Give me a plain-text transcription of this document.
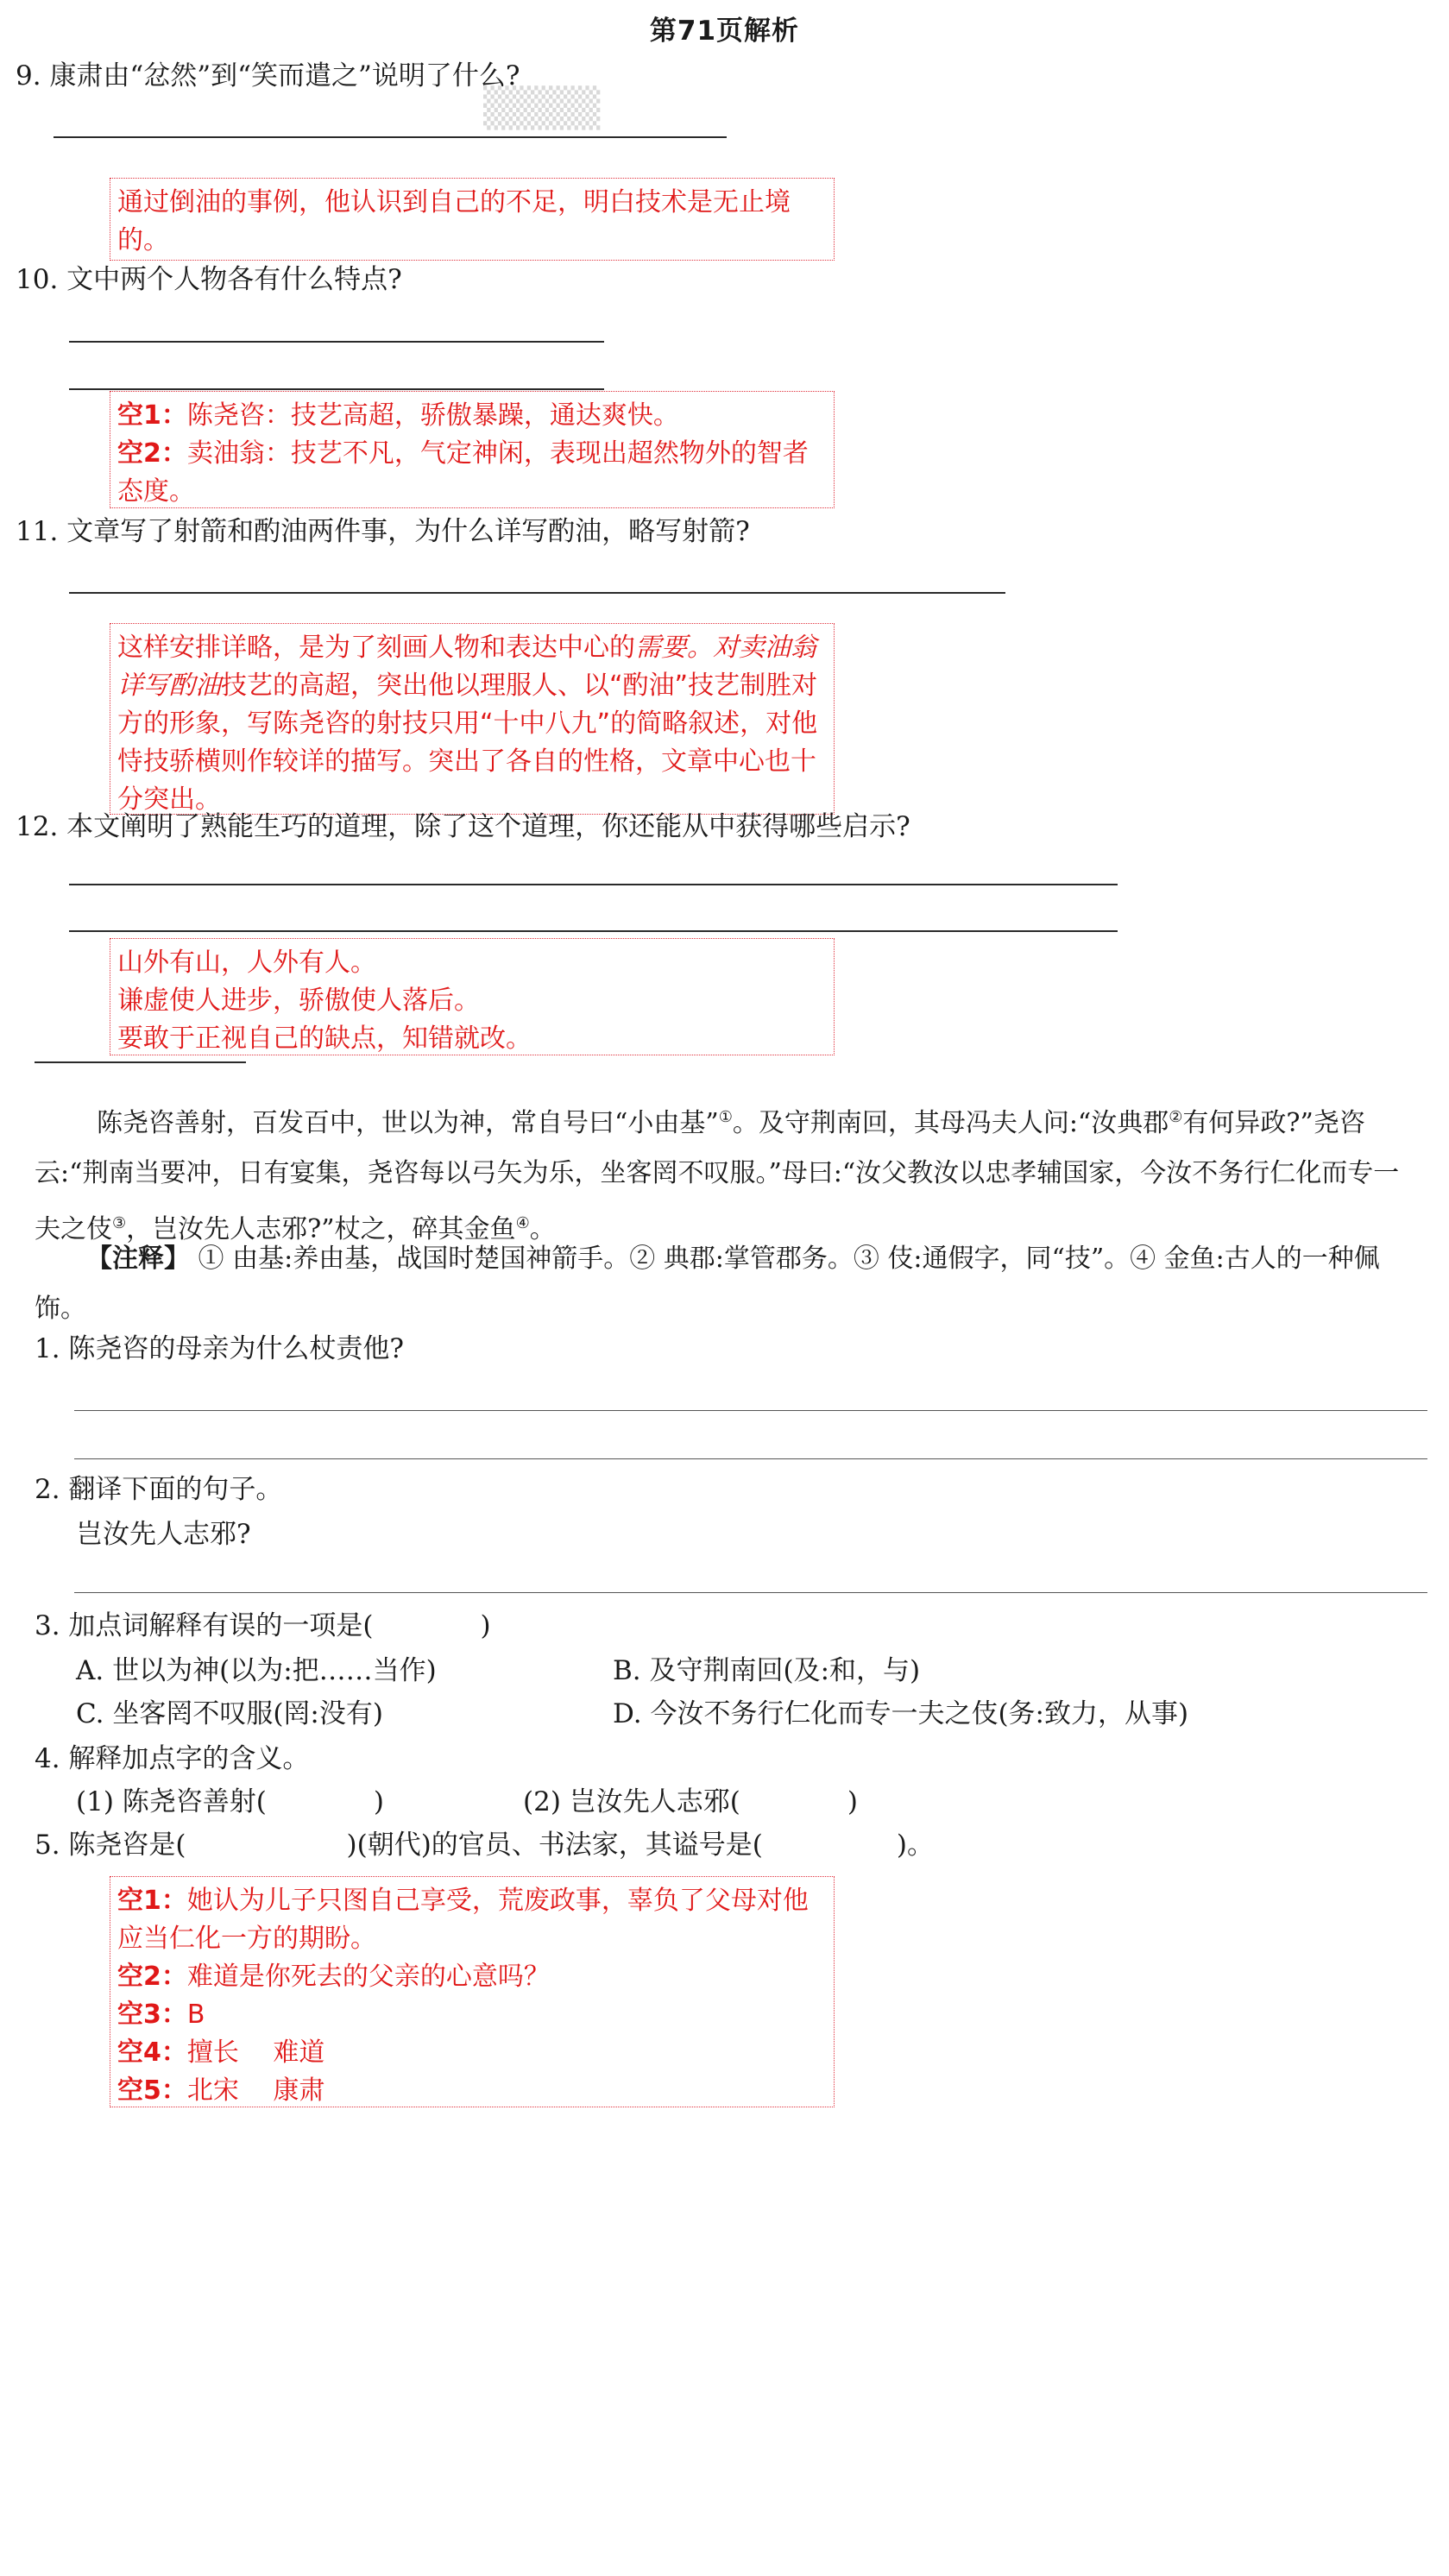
第71页解析
▒▒▒▒
9. 康肃由“忿然”到“笑而遣之”说明了什么?
通过倒油的事例，他认识到自己的不足，明白技术是无止境的。
10. 文中两个人物各有什么特点?
空1：陈尧咨：技艺高超，骄傲暴躁，通达爽快。
空2：卖油翁：技艺不凡，气定神闲，表现出超然物外的智者态度。
11. 文章写了射箭和酌油两件事，为什么详写酌油，略写射箭?
这样安排详略，是为了刻画人物和表达中心的需要。对卖油翁详写酌油技艺的高超，突出他以理服人、以“酌油”技艺制胜对方的形象，写陈尧咨的射技只用“十中八九”的简略叙述，对他恃技骄横则作较详的描写。突出了各自的性格，文章中心也十分突出。
12. 本文阐明了熟能生巧的道理，除了这个道理，你还能从中获得哪些启示?
山外有山，人外有人。
谦虚使人进步，骄傲使人落后。
要敢于正视自己的缺点，知错就改。
陈尧咨善射，百发百中，世以为神，常自号曰“小由基”①。及守荆南回，其母冯夫人问:“汝典郡②有何异政?”尧咨云:“荆南当要冲，日有宴集，尧咨每以弓矢为乐，坐客罔不叹服。”母曰:“汝父教汝以忠孝辅国家，今汝不务行仁化而专一夫之伎③，岂汝先人志邪?”杖之，碎其金鱼④。
【注释】 ① 由基:养由基，战国时楚国神箭手。② 典郡:掌管郡务。③ 伎:通假字，同“技”。④ 金鱼:古人的一种佩饰。
1. 陈尧咨的母亲为什么杖责他?
2. 翻译下面的句子。
岂汝先人志邪?
3. 加点词解释有误的一项是(　　　　)
A. 世以为神(以为:把……当作)	B. 及守荆南回(及:和，与)
C. 坐客罔不叹服(罔:没有)	D. 今汝不务行仁化而专一夫之伎(务:致力，从事)
4. 解释加点字的含义。
(1) 陈尧咨善射(　　　　)	(2) 岂汝先人志邪(　　　　)
5. 陈尧咨是(　　　　　　)(朝代)的官员、书法家，其谥号是(　　　　　)。
空1：她认为儿子只图自己享受，荒废政事，辜负了父母对他应当仁化一方的期盼。
空2：难道是你死去的父亲的心意吗？
空3：B
空4：擅长　 难道
空5：北宋　 康肃
